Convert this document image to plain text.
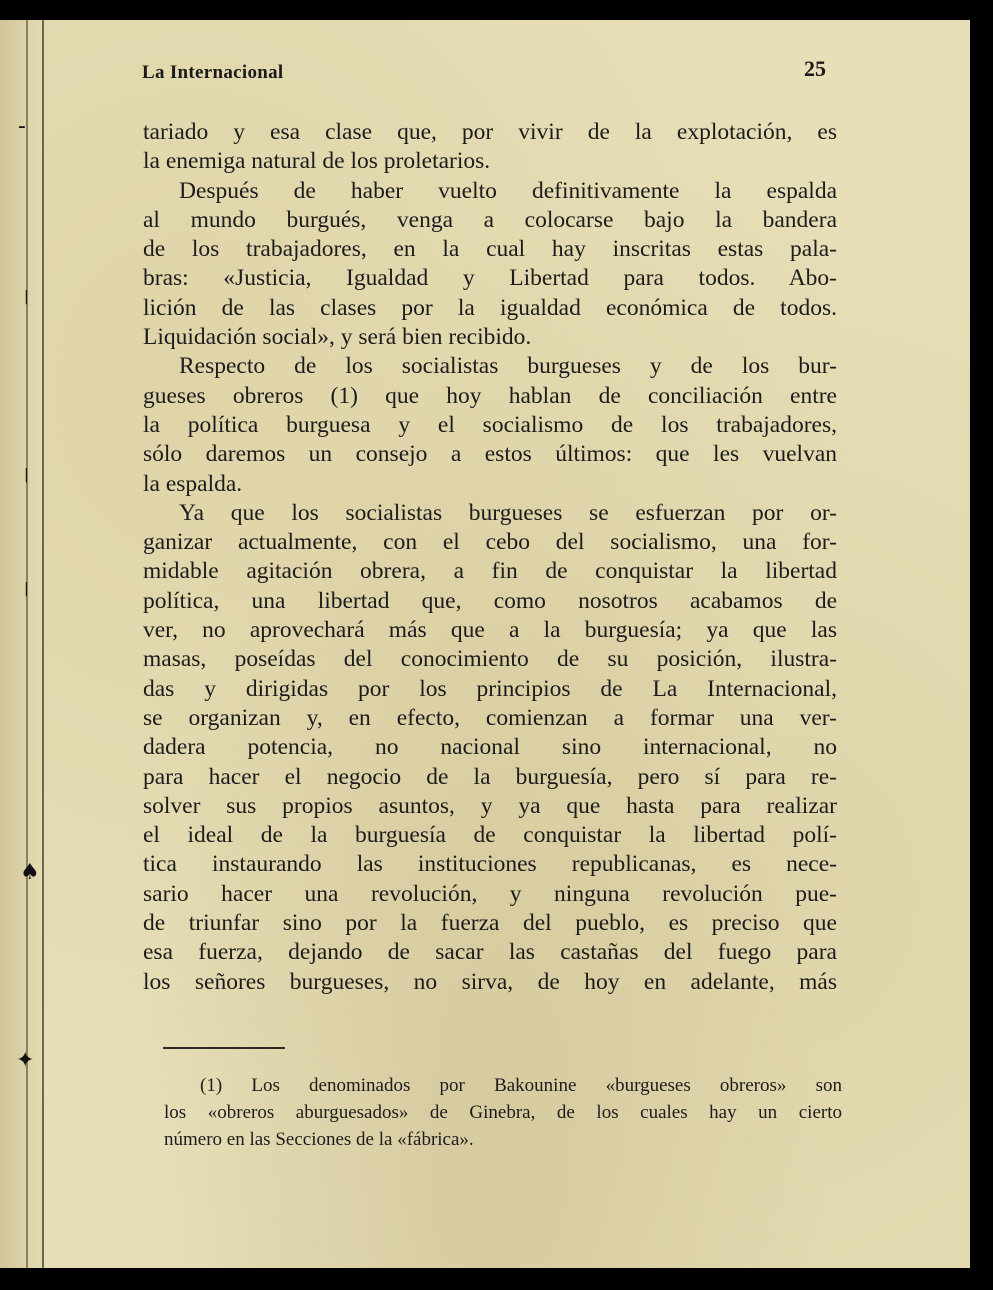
-
|
|
|
♠
✦
La Internacional	25
tariado y esa clase que, por vivir de la explotación, es
la enemiga natural de los proletarios.
Después de haber vuelto definitivamente la espalda
al mundo burgués, venga a colocarse bajo la bandera
de los trabajadores, en la cual hay inscritas estas pala-
bras: «Justicia, Igualdad y Libertad para todos. Abo-
lición de las clases por la igualdad económica de todos.
Liquidación social», y será bien recibido.
Respecto de los socialistas burgueses y de los bur-
gueses obreros (1) que hoy hablan de conciliación entre
la política burguesa y el socialismo de los trabajadores,
sólo daremos un consejo a estos últimos: que les vuelvan
la espalda.
Ya que los socialistas burgueses se esfuerzan por or-
ganizar actualmente, con el cebo del socialismo, una for-
midable agitación obrera, a fin de conquistar la libertad
política, una libertad que, como nosotros acabamos de
ver, no aprovechará más que a la burguesía; ya que las
masas, poseídas del conocimiento de su posición, ilustra-
das y dirigidas por los principios de La Internacional,
se organizan y, en efecto, comienzan a formar una ver-
dadera potencia, no nacional sino internacional, no
para hacer el negocio de la burguesía, pero sí para re-
solver sus propios asuntos, y ya que hasta para realizar
el ideal de la burguesía de conquistar la libertad polí-
tica instaurando las instituciones republicanas, es nece-
sario hacer una revolución, y ninguna revolución pue-
de triunfar sino por la fuerza del pueblo, es preciso que
esa fuerza, dejando de sacar las castañas del fuego para
los señores burgueses, no sirva, de hoy en adelante, más
(1) Los denominados por Bakounine «burgueses obreros» son
los «obreros aburguesados» de Ginebra, de los cuales hay un cierto
número en las Secciones de la «fábrica».
